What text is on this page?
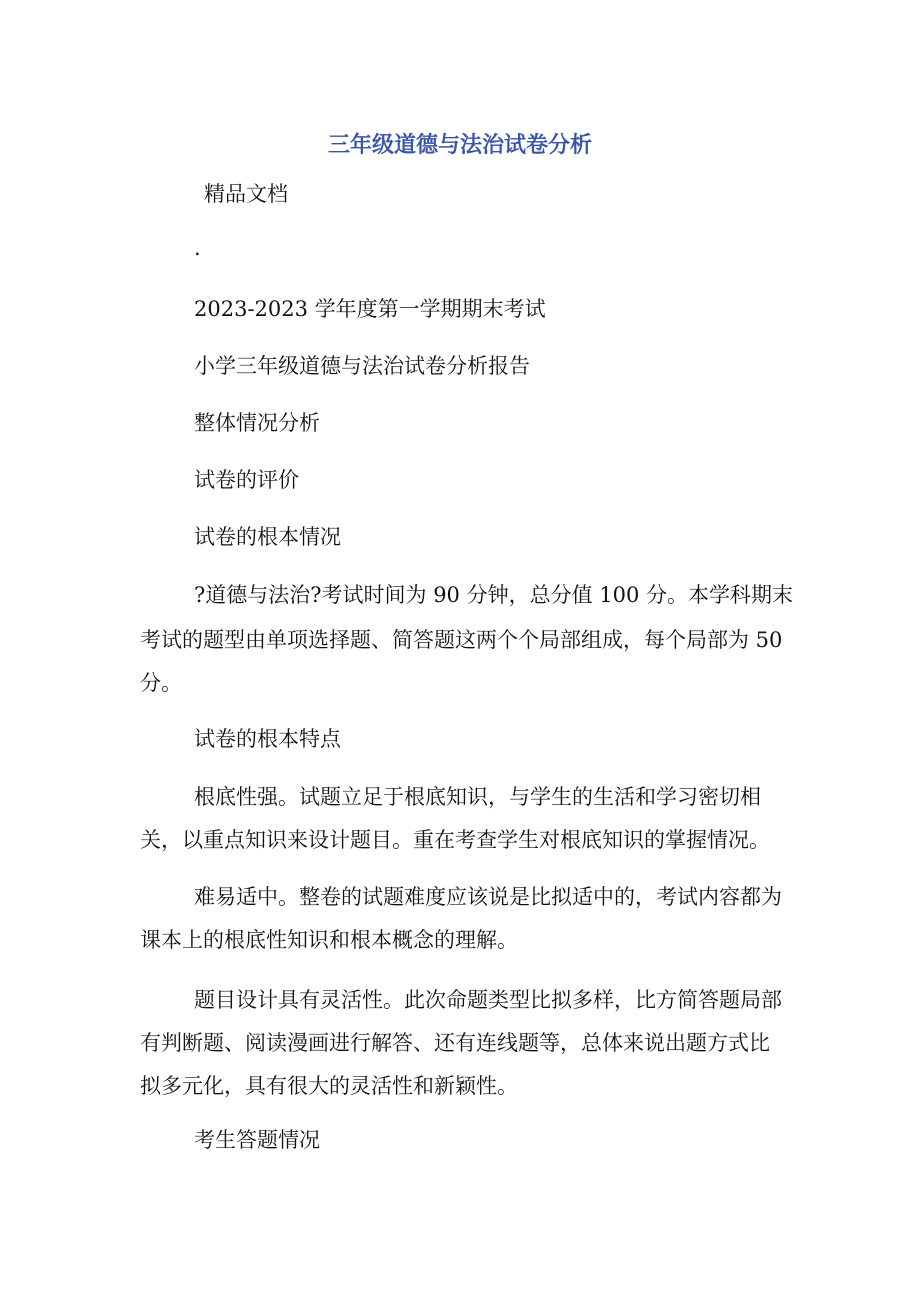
三年级道德与法治试卷分析
精品文档
.
2023-2023 学年度第一学期期末考试
小学三年级道德与法治试卷分析报告
整体情况分析
试卷的评价
试卷的根本情况
?道德与法治?考试时间为 90 分钟，总分值 100 分。本学科期末
考试的题型由单项选择题、简答题这两个个局部组成，每个局部为 50
分。
试卷的根本特点
根底性强。试题立足于根底知识，与学生的生活和学习密切相
关，以重点知识来设计题目。重在考查学生对根底知识的掌握情况。
难易适中。整卷的试题难度应该说是比拟适中的，考试内容都为
课本上的根底性知识和根本概念的理解。
题目设计具有灵活性。此次命题类型比拟多样，比方简答题局部
有判断题、阅读漫画进行解答、还有连线题等，总体来说出题方式比
拟多元化，具有很大的灵活性和新颖性。
考生答题情况
